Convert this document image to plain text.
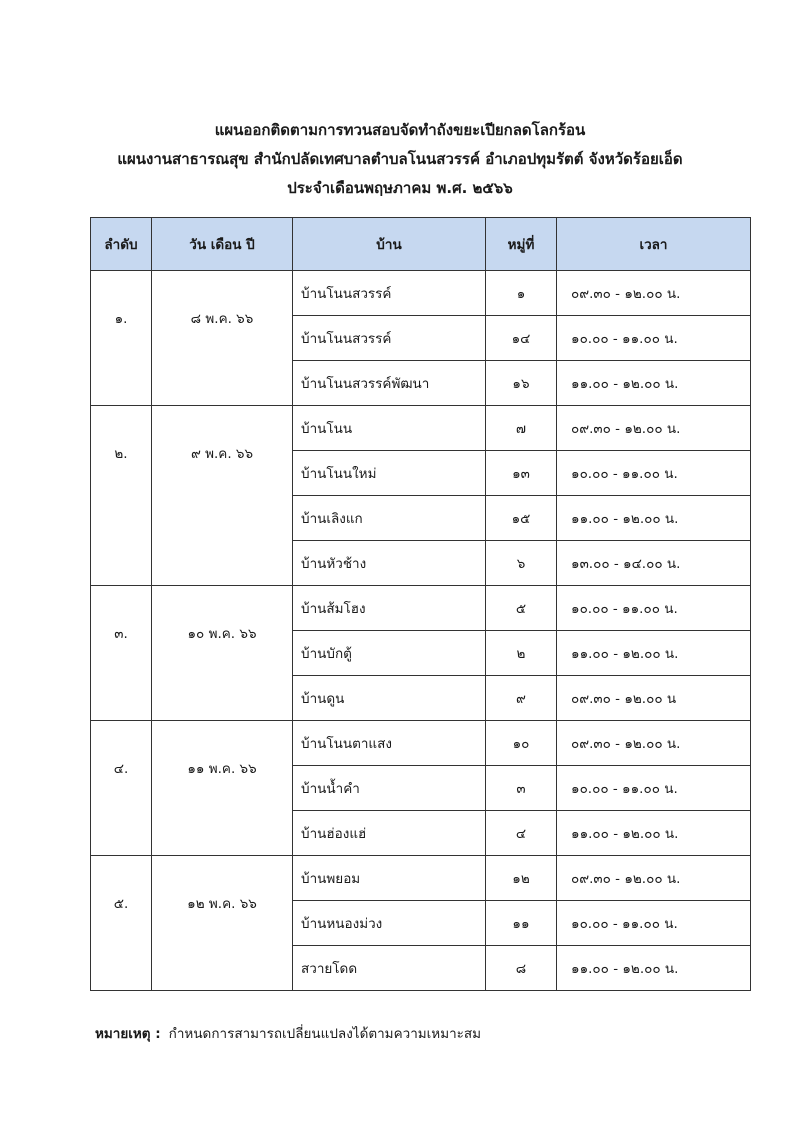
แผนออกติดตามการทวนสอบจัดทำถังขยะเปียกลดโลกร้อน
แผนงานสาธารณสุข สำนักปลัดเทศบาลตำบลโนนสวรรค์ อำเภอปทุมรัตต์ จังหวัดร้อยเอ็ด
ประจำเดือนพฤษภาคม พ.ศ. ๒๕๖๖
ลำดับ	วัน เดือน ปี	บ้าน	หมู่ที่	เวลา
๑.	๘ พ.ค. ๖๖	บ้านโนนสวรรค์	๑	๐๙.๓๐ - ๑๒.๐๐ น.
		บ้านโนนสวรรค์	๑๔	๑๐.๐๐ - ๑๑.๐๐ น.
		บ้านโนนสวรรค์พัฒนา	๑๖	๑๑.๐๐ - ๑๒.๐๐ น.
๒.	๙ พ.ค. ๖๖	บ้านโนน	๗	๐๙.๓๐ - ๑๒.๐๐ น.
		บ้านโนนใหม่	๑๓	๑๐.๐๐ - ๑๑.๐๐ น.
		บ้านเลิงแก	๑๕	๑๑.๐๐ - ๑๒.๐๐ น.
		บ้านหัวช้าง	๖	๑๓.๐๐ - ๑๔.๐๐ น.
๓.	๑๐ พ.ค. ๖๖	บ้านส้มโฮง	๕	๑๐.๐๐ - ๑๑.๐๐ น.
		บ้านบักตู้	๒	๑๑.๐๐ - ๑๒.๐๐ น.
		บ้านดูน	๙	๐๙.๓๐ - ๑๒.๐๐ น
๔.	๑๑ พ.ค. ๖๖	บ้านโนนตาแสง	๑๐	๐๙.๓๐ - ๑๒.๐๐ น.
		บ้านน้ำคำ	๓	๑๐.๐๐ - ๑๑.๐๐ น.
		บ้านฮ่องแฮ่	๔	๑๑.๐๐ - ๑๒.๐๐ น.
๕.	๑๒ พ.ค. ๖๖	บ้านพยอม	๑๒	๐๙.๓๐ - ๑๒.๐๐ น.
		บ้านหนองม่วง	๑๑	๑๐.๐๐ - ๑๑.๐๐ น.
		สวายโดด	๘	๑๑.๐๐ - ๑๒.๐๐ น.
หมายเหตุ : กำหนดการสามารถเปลี่ยนแปลงได้ตามความเหมาะสม
